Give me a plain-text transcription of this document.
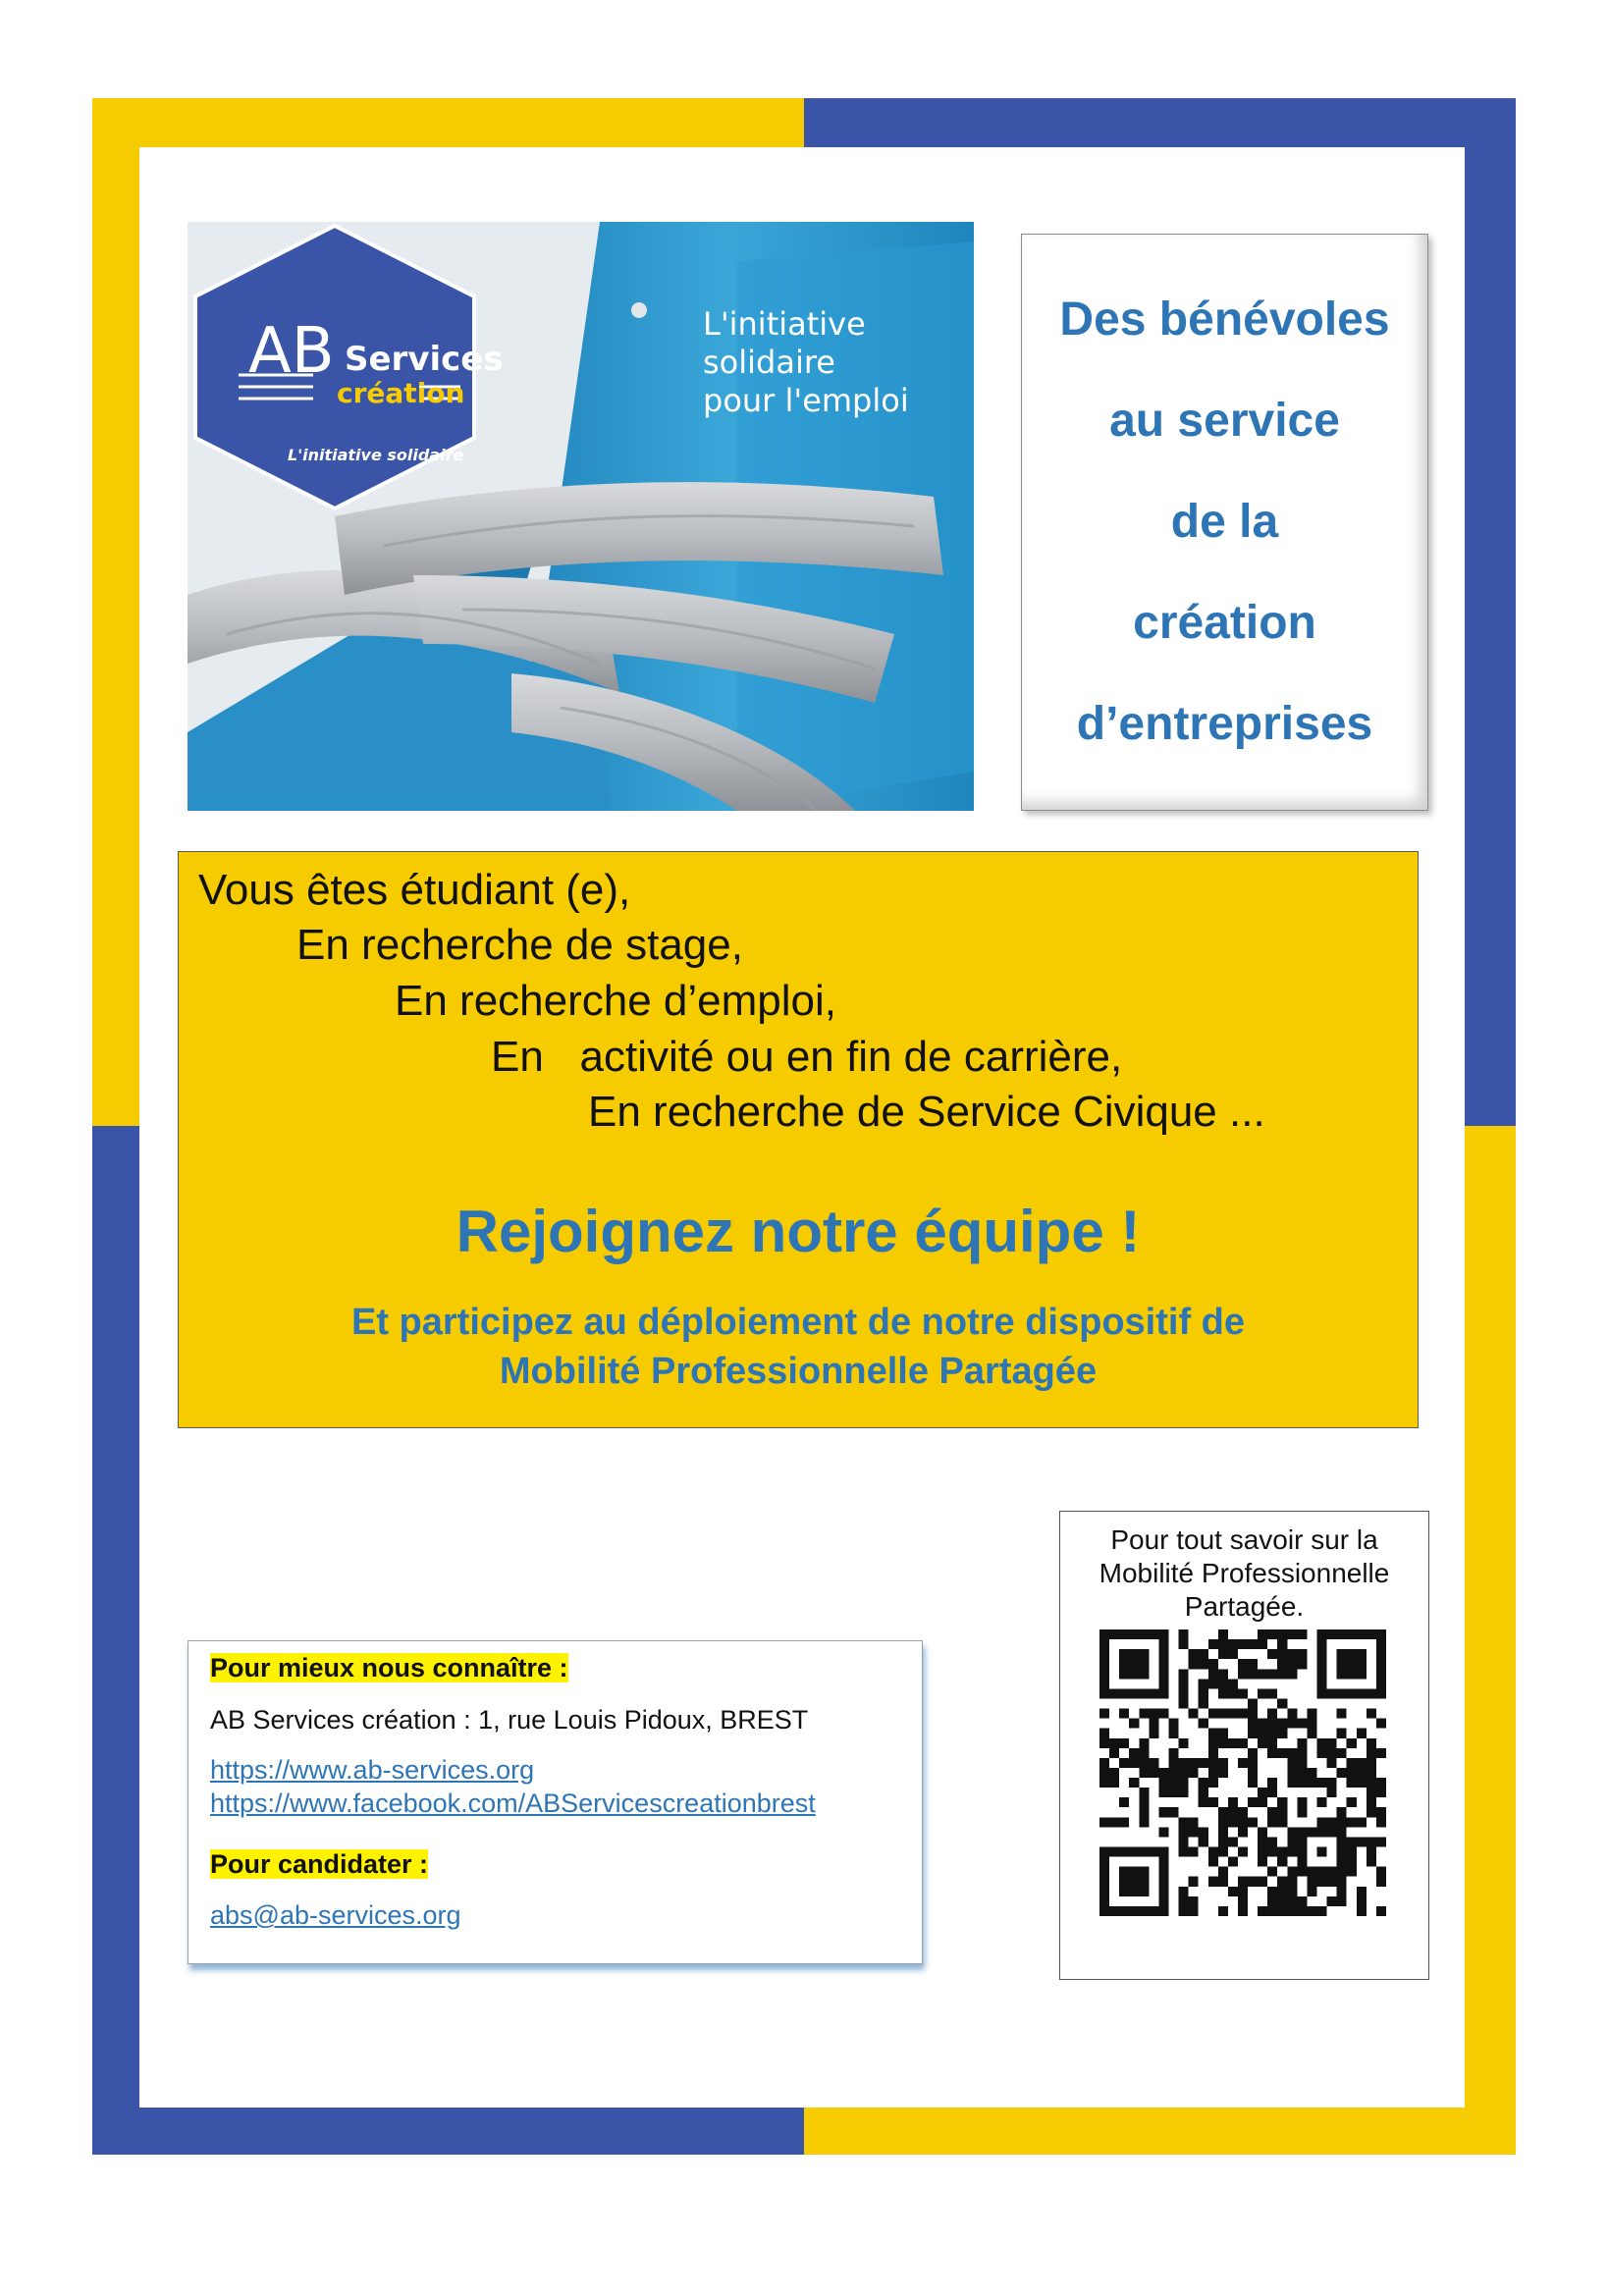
AB Services
création
L'initiative solidaire
L'initiative
solidaire
pour l'emploi
Des bénévoles
au service
de la
création
d’entreprises
Vous êtes étudiant (e),
En recherche de stage,
En recherche d’emploi,
En   activité ou en fin de carrière,
En recherche de Service Civique ...
Rejoignez notre équipe !
Et participez au déploiement de notre dispositif de
Mobilité Professionnelle Partagée
Pour mieux nous connaître :
AB Services création : 1, rue Louis Pidoux, BREST
https://www.ab-services.org
https://www.facebook.com/ABServicescreationbrest
Pour candidater :
abs@ab-services.org
Pour tout savoir sur la
Mobilité Professionnelle
Partagée.
